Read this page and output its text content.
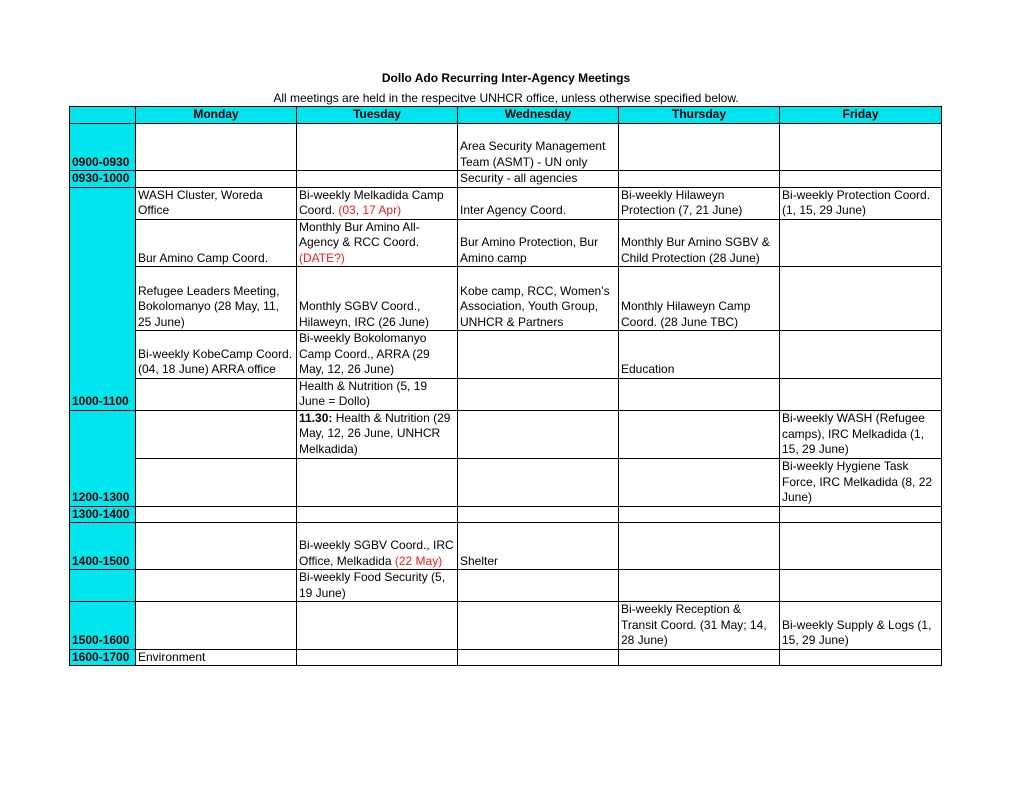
Dollo Ado Recurring Inter-Agency Meetings
All meetings are held in the respecitve UNHCR office, unless otherwise specified below.
	Monday	Tuesday	Wednesday	Thursday	Friday
0900-0930			Area Security Management Team (ASMT) - UN only		
0930-1000			Security - all agencies		
1000-1100	WASH Cluster, Woreda Office	Bi-weekly Melkadida Camp Coord. (03, 17 Apr)	Inter Agency Coord.	Bi-weekly Hilaweyn Protection (7, 21 June)	Bi-weekly Protection Coord. (1, 15, 29 June)
	Bur Amino Camp Coord.	Monthly Bur Amino All-Agency & RCC Coord. (DATE?)	Bur Amino Protection, Bur Amino camp	Monthly Bur Amino SGBV & Child Protection (28 June)	
	Refugee Leaders Meeting, Bokolomanyo (28 May, 11, 25 June)	Monthly SGBV Coord., Hilaweyn, IRC (26 June)	Kobe camp, RCC, Women’s Association, Youth Group, UNHCR & Partners	Monthly Hilaweyn Camp Coord. (28 June TBC)	
	Bi-weekly KobeCamp Coord. (04, 18 June) ARRA office	Bi-weekly Bokolomanyo Camp Coord., ARRA (29 May, 12, 26 June)		Education	
		Health & Nutrition (5, 19 June = Dollo)			
1200-1300		11.30: Health & Nutrition (29 May, 12, 26 June, UNHCR Melkadida)			Bi-weekly WASH (Refugee camps), IRC Melkadida (1, 15, 29 June)
					Bi-weekly Hygiene Task Force, IRC Melkadida (8, 22 June)
1300-1400					
1400-1500		Bi-weekly SGBV Coord., IRC Office, Melkadida (22 May)	Shelter		
		Bi-weekly Food Security (5, 19 June)			
1500-1600				Bi-weekly Reception & Transit Coord. (31 May; 14, 28 June)	Bi-weekly Supply & Logs (1, 15, 29 June)
1600-1700	Environment				
